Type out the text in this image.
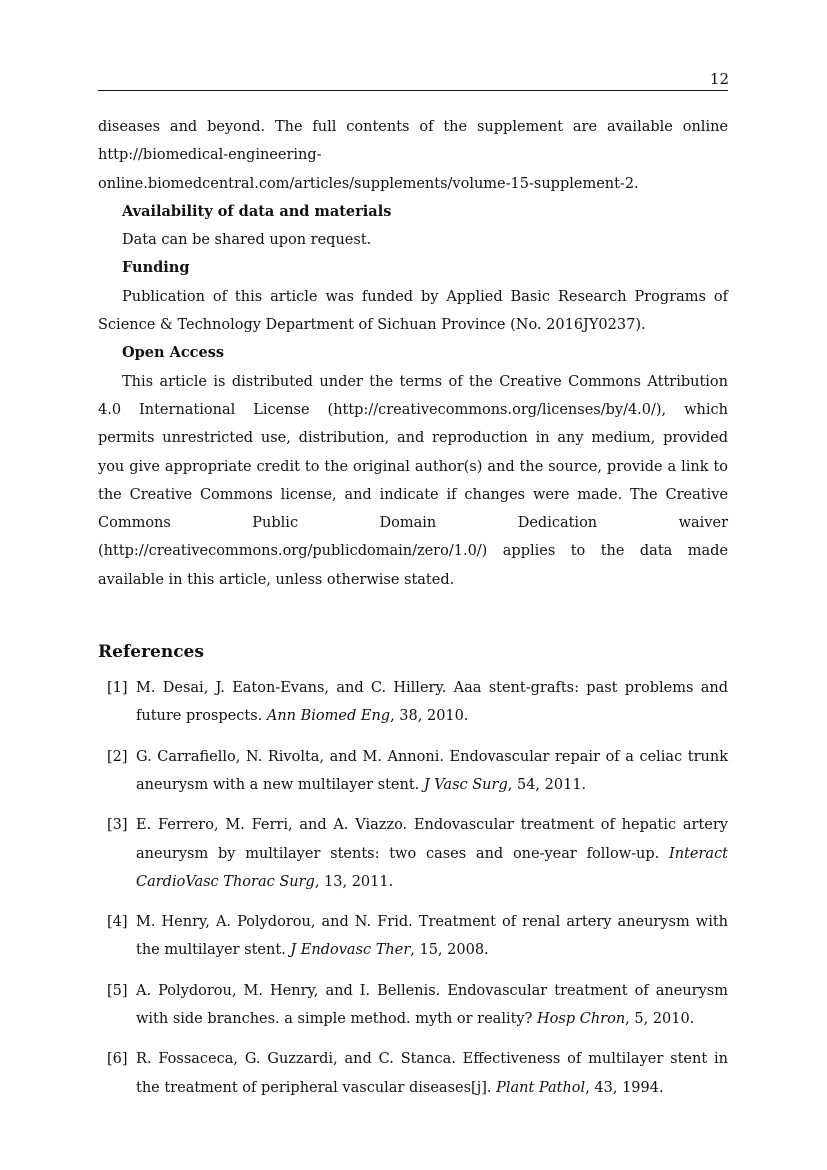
12

diseases and beyond. The full contents of the supplement are available online http://biomedical-engineering-online.biomedcentral.com/articles/supplements/volume-15-supplement-2.

Availability of data and materials

Data can be shared upon request.

Funding

Publication of this article was funded by Applied Basic Research Programs of Science & Technology Department of Sichuan Province (No. 2016JY0237).

Open Access

This article is distributed under the terms of the Creative Commons Attribution 4.0 International License (http://creativecommons.org/licenses/by/4.0/), which permits unrestricted use, distribution, and reproduction in any medium, provided you give appropriate credit to the original author(s) and the source, provide a link to the Creative Commons license, and indicate if changes were made. The Creative Commons Public Domain Dedication waiver (http://creativecommons.org/publicdomain/zero/1.0/) applies to the data made available in this article, unless otherwise stated.

References
[1] M. Desai, J. Eaton-Evans, and C. Hillery. Aaa stent-grafts: past problems and future prospects. Ann Biomed Eng, 38, 2010.
[2] G. Carrafiello, N. Rivolta, and M. Annoni. Endovascular repair of a celiac trunk aneurysm with a new multilayer stent. J Vasc Surg, 54, 2011.
[3] E. Ferrero, M. Ferri, and A. Viazzo. Endovascular treatment of hepatic artery aneurysm by multilayer stents: two cases and one-year follow-up. Interact CardioVasc Thorac Surg, 13, 2011.
[4] M. Henry, A. Polydorou, and N. Frid. Treatment of renal artery aneurysm with the multilayer stent. J Endovasc Ther, 15, 2008.
[5] A. Polydorou, M. Henry, and I. Bellenis. Endovascular treatment of aneurysm with side branches. a simple method. myth or reality? Hosp Chron, 5, 2010.
[6] R. Fossaceca, G. Guzzardi, and C. Stanca. Effectiveness of multilayer stent in the treatment of peripheral vascular diseases[j]. Plant Pathol, 43, 1994.
